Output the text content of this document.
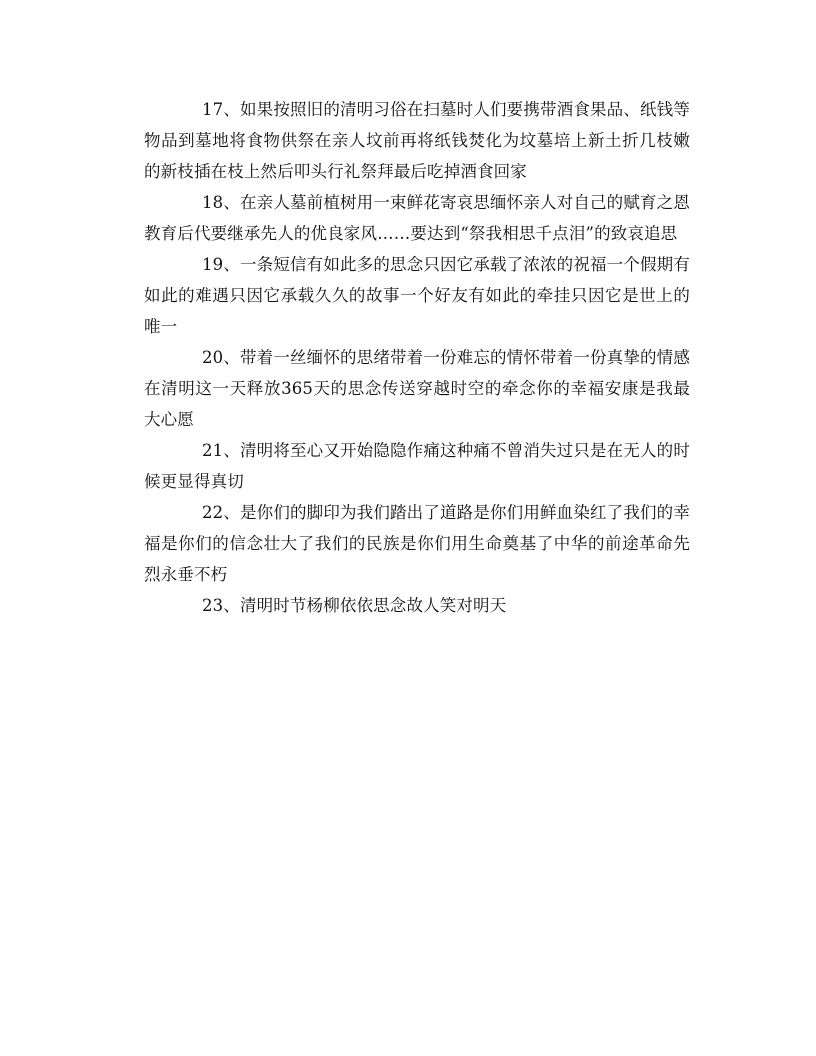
17、如果按照旧的清明习俗在扫墓时人们要携带酒食果品、纸钱等物品到墓地将食物供祭在亲人坟前再将纸钱焚化为坟墓培上新土折几枝嫩的新枝插在枝上然后叩头行礼祭拜最后吃掉酒食回家

18、在亲人墓前植树用一束鲜花寄哀思缅怀亲人对自己的赋育之恩教育后代要继承先人的优良家风……要达到“祭我相思千点泪”的致哀追思

19、一条短信有如此多的思念只因它承载了浓浓的祝福一个假期有如此的难遇只因它承载久久的故事一个好友有如此的牵挂只因它是世上的唯一

20、带着一丝缅怀的思绪带着一份难忘的情怀带着一份真挚的情感在清明这一天释放365天的思念传送穿越时空的牵念你的幸福安康是我最大心愿

21、清明将至心又开始隐隐作痛这种痛不曾消失过只是在无人的时候更显得真切

22、是你们的脚印为我们踏出了道路是你们用鲜血染红了我们的幸福是你们的信念壮大了我们的民族是你们用生命奠基了中华的前途革命先烈永垂不朽

23、清明时节杨柳依依思念故人笑对明天
